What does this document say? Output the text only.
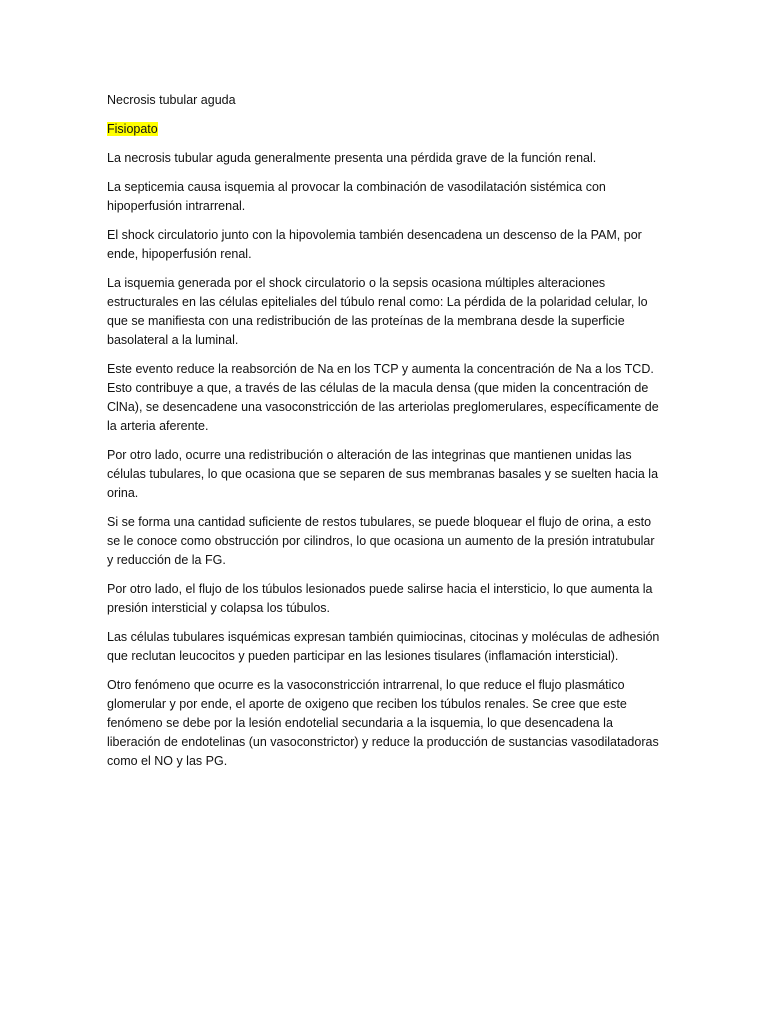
Necrosis tubular aguda
Fisiopato
La necrosis tubular aguda generalmente presenta una pérdida grave de la función renal.
La septicemia causa isquemia al provocar la combinación de vasodilatación sistémica con hipoperfusión intrarrenal.
El shock circulatorio junto con la hipovolemia también desencadena un descenso de la PAM, por ende, hipoperfusión renal.
La isquemia generada por el shock circulatorio o la sepsis ocasiona múltiples alteraciones estructurales en las células epiteliales del túbulo renal como: La pérdida de la polaridad celular, lo que se manifiesta con una redistribución de las proteínas de la membrana desde la superficie basolateral a la luminal.
Este evento reduce la reabsorción de Na en los TCP y aumenta la concentración de Na a los TCD. Esto contribuye a que, a través de las células de la macula densa (que miden la concentración de ClNa), se desencadene una vasoconstricción de las arteriolas preglomerulares, específicamente de la arteria aferente.
Por otro lado, ocurre una redistribución o alteración de las integrinas que mantienen unidas las células tubulares, lo que ocasiona que se separen de sus membranas basales y se suelten hacia la orina.
Si se forma una cantidad suficiente de restos tubulares, se puede bloquear el flujo de orina, a esto se le conoce como obstrucción por cilindros, lo que ocasiona un aumento de la presión intratubular y reducción de la FG.
Por otro lado, el flujo de los túbulos lesionados puede salirse hacia el intersticio, lo que aumenta la presión intersticial y colapsa los túbulos.
Las células tubulares isquémicas expresan también quimiocinas, citocinas y moléculas de adhesión que reclutan leucocitos y pueden participar en las lesiones tisulares (inflamación intersticial).
Otro fenómeno que ocurre es la vasoconstricción intrarrenal, lo que reduce el flujo plasmático glomerular y por ende, el aporte de oxigeno que reciben los túbulos renales. Se cree que este fenómeno se debe por la lesión endotelial secundaria a la isquemia, lo que desencadena la liberación de endotelinas (un vasoconstrictor) y reduce la producción de sustancias vasodilatadoras como el NO y las PG.
